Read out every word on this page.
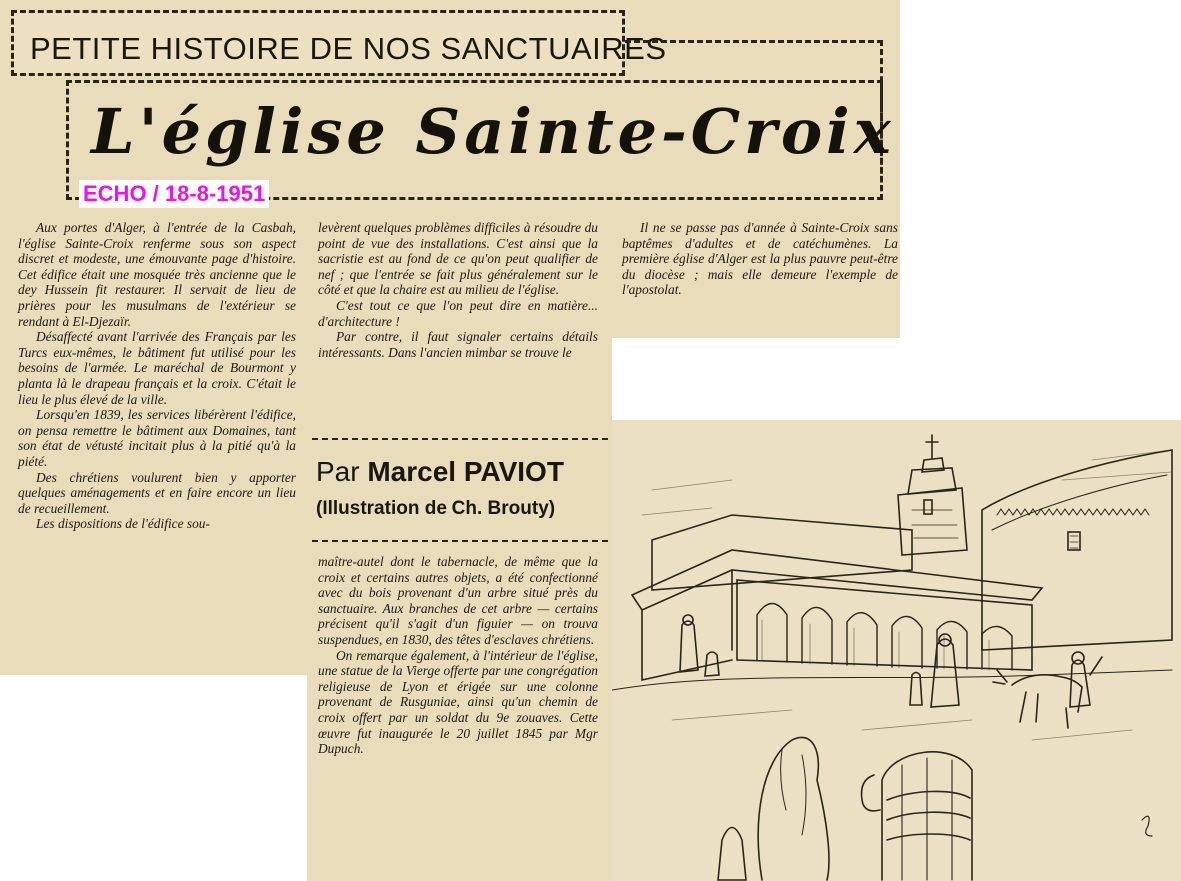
PETITE HISTOIRE DE NOS SANCTUAIRES
L'église Sainte-Croix
ECHO / 18-8-1951

Aux portes d'Alger, à l'entrée de la Casbah, l'église Sainte-Croix renferme sous son aspect discret et modeste, une émouvante page d'histoire. Cet édifice était une mosquée très ancienne que le dey Hussein fit restaurer. Il servait de lieu de prières pour les musulmans de l'extérieur se rendant à El-Djezaïr.

Désaffecté avant l'arrivée des Français par les Turcs eux-mêmes, le bâtiment fut utilisé pour les besoins de l'armée. Le maréchal de Bourmont y planta là le drapeau français et la croix. C'était le lieu le plus élevé de la ville.

Lorsqu'en 1839, les services libérèrent l'édifice, on pensa remettre le bâtiment aux Domaines, tant son état de vétusté incitait plus à la pitié qu'à la piété.

Des chrétiens voulurent bien y apporter quelques aménagements et en faire encore un lieu de recueillement.

Les dispositions de l'édifice sou-

levèrent quelques problèmes difficiles à résoudre du point de vue des installations. C'est ainsi que la sacristie est au fond de ce qu'on peut qualifier de nef ; que l'entrée se fait plus généralement sur le côté et que la chaire est au milieu de l'église.

C'est tout ce que l'on peut dire en matière... d'architecture !

Par contre, il faut signaler certains détails intéressants. Dans l'ancien mimbar se trouve le

Par Marcel PAVIOT
(Illustration de Ch. Brouty)

maître-autel dont le tabernacle, de même que la croix et certains autres objets, a été confectionné avec du bois provenant d'un arbre situé près du sanctuaire. Aux branches de cet arbre — certains précisent qu'il s'agit d'un figuier — on trouva suspendues, en 1830, des têtes d'esclaves chrétiens.

On remarque également, à l'intérieur de l'église, une statue de la Vierge offerte par une congrégation religieuse de Lyon et érigée sur une colonne provenant de Rusguniae, ainsi qu'un chemin de croix offert par un soldat du 9e zouaves. Cette œuvre fut inaugurée le 20 juillet 1845 par Mgr Dupuch.

Il ne se passe pas d'année à Sainte-Croix sans baptêmes d'adultes et de catéchumènes. La première église d'Alger est la plus pauvre peut-être du diocèse ; mais elle demeure l'exemple de l'apostolat.
